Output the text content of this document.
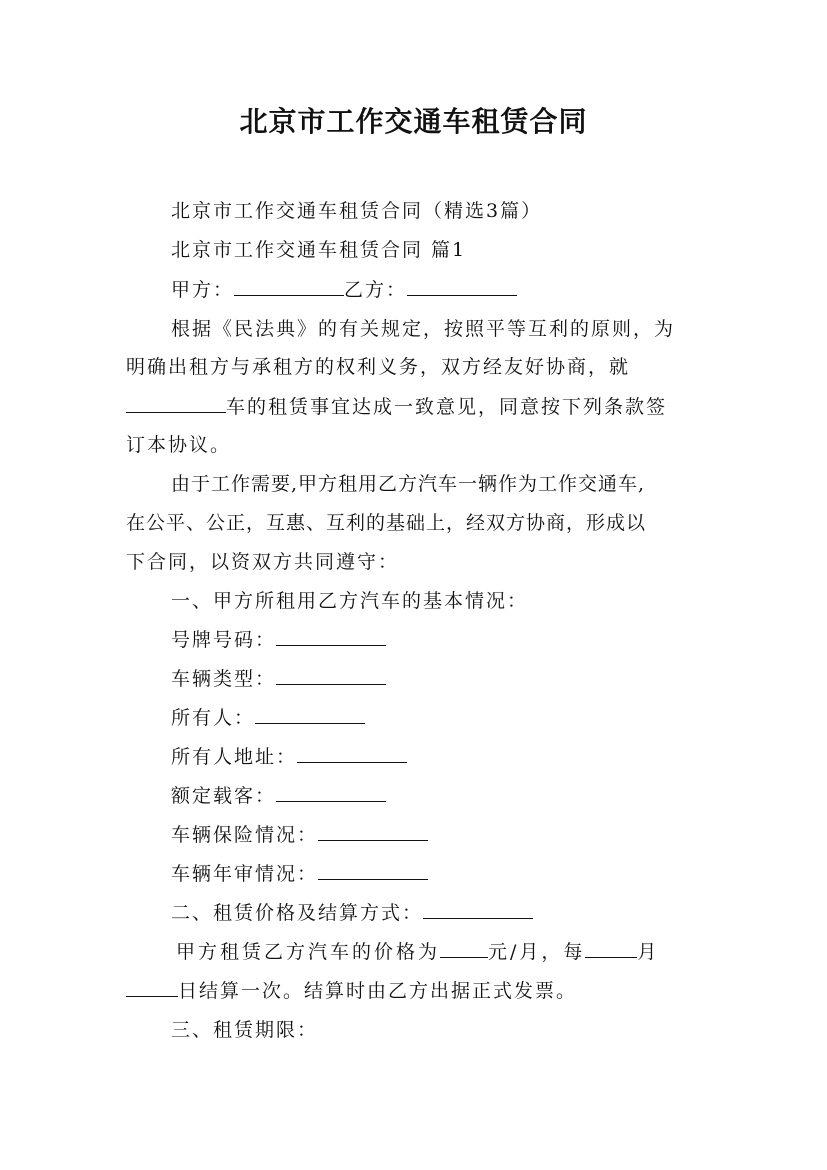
北京市工作交通车租赁合同
北京市工作交通车租赁合同（精选3篇）
北京市工作交通车租赁合同 篇1
甲方：	乙方：
根据《民法典》的有关规定，按照平等互利的原则，为
明确出租方与承租方的权利义务，双方经友好协商，就
车的租赁事宜达成一致意见，同意按下列条款签
订本协议。
由于工作需要,甲方租用乙方汽车一辆作为工作交通车,
在公平、公正，互惠、互利的基础上，经双方协商，形成以
下合同，以资双方共同遵守：
一、甲方所租用乙方汽车的基本情况：
号牌号码：
车辆类型：
所有人：
所有人地址：
额定载客：
车辆保险情况：
车辆年审情况：
二、租赁价格及结算方式：
甲方租赁乙方汽车的价格为	元/月，每	月
日结算一次。结算时由乙方出据正式发票。
三、租赁期限：
